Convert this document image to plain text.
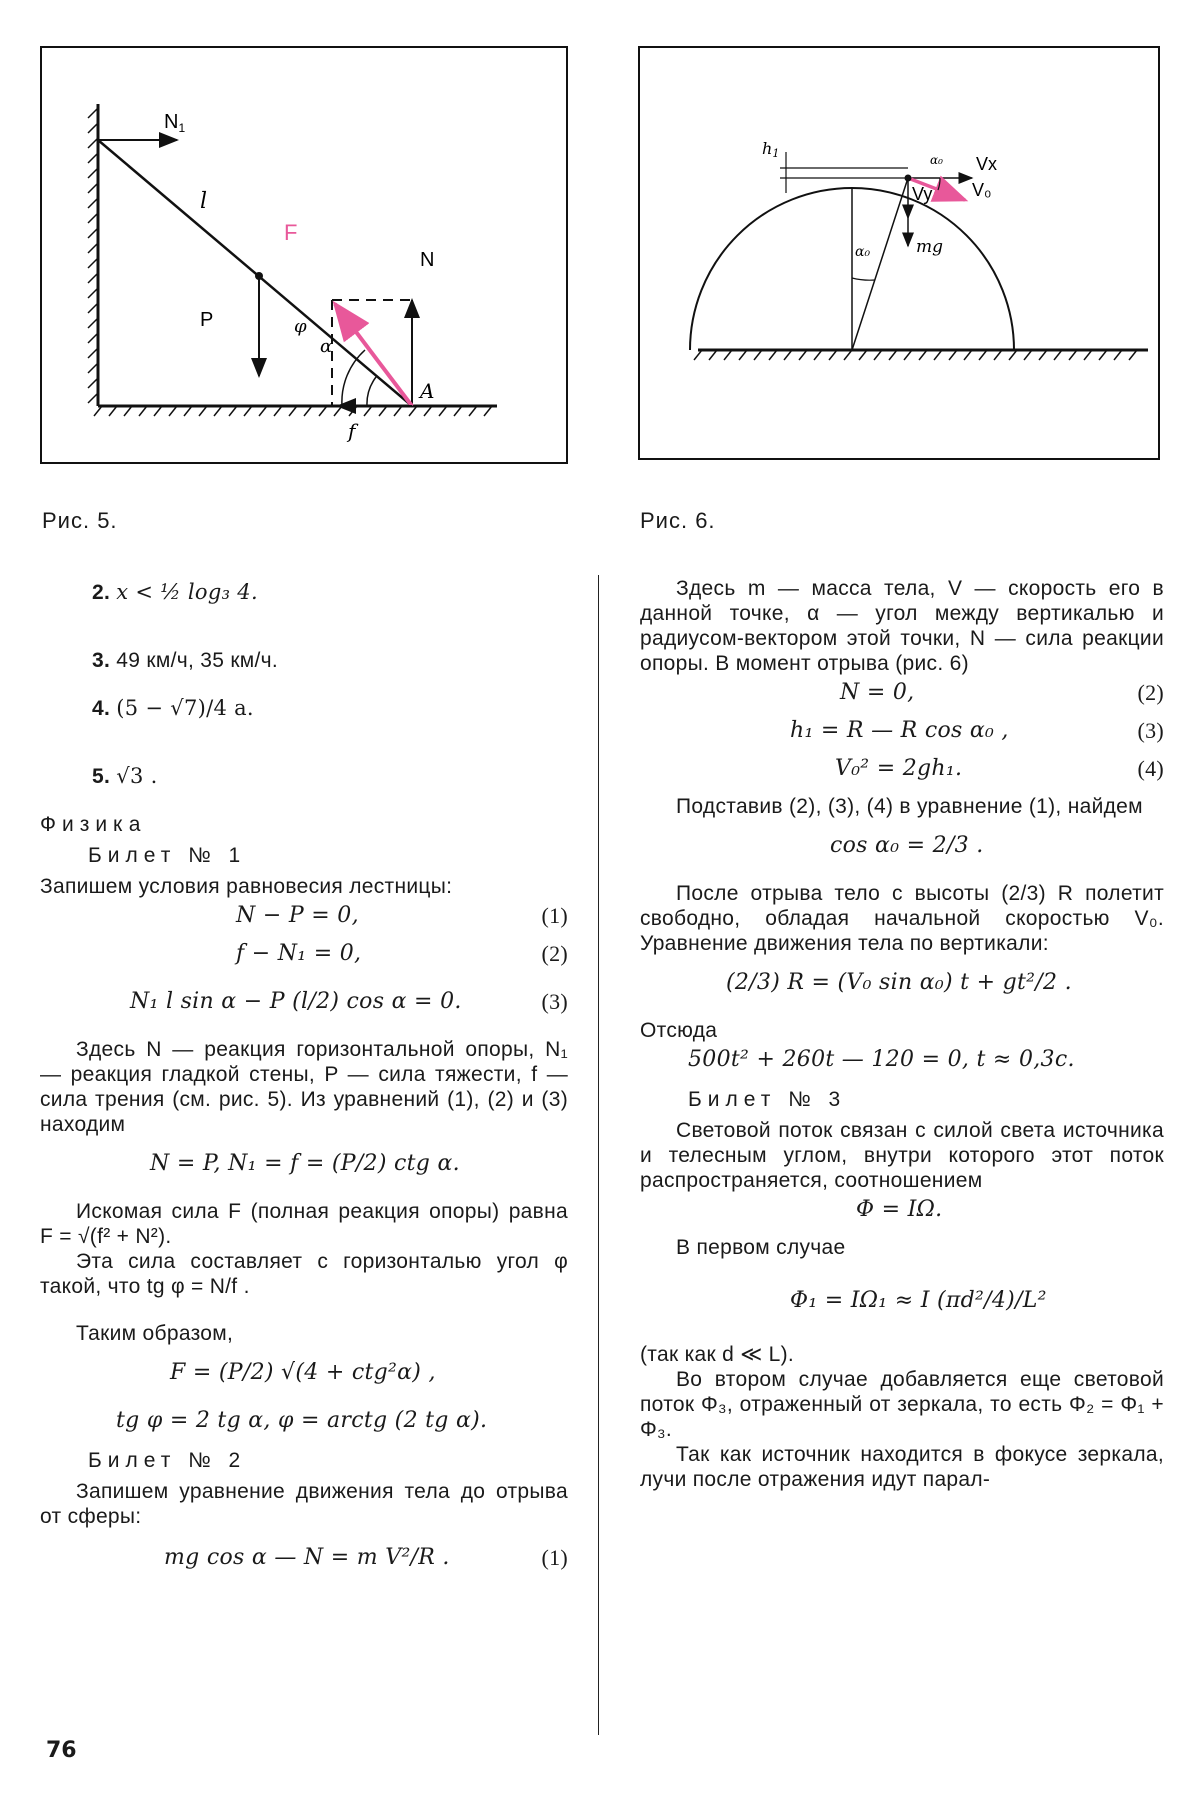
$N_1$
l
P
F
N
φ
α
A
f
Рис. 5.
h1	α₀ Vx
Vy V₀
mg
α₀
Рис. 6.
2. x < ½ log₃ 4.
3. 49 км/ч, 35 км/ч.
4. (5 − √7)/4 a.
5. √3 .
Физика
Билет № 1

Запишем условия равновесия лестницы:

N − P = 0,	(1)
f − N₁ = 0,	(2)
N₁ l sin α − P (l/2) cos α = 0.	(3)

Здесь N — реакция горизонтальной опоры, N₁ — реакция гладкой стены, P — сила тяжести, f — сила трения (см. рис. 5). Из уравнений (1), (2) и (3) находим

N = P, N₁ = f = (P/2) ctg α.

Искомая сила F (полная реакция опоры) равна F = √(f² + N²).

Эта сила составляет с горизонталью угол φ такой, что tg φ = N/f .

Таким образом,

F = (P/2) √(4 + ctg²α) ,
tg φ = 2 tg α, φ = arctg (2 tg α).
Билет № 2

Запишем уравнение движения тела до отрыва от сферы:

mg cos α — N = m V²/R .	(1)

Здесь m — масса тела, V — скорость его в данной точке, α — угол между вертикалью и радиусом-вектором этой точки, N — сила реакции опоры. В момент отрыва (рис. 6)

N = 0,	(2)
h₁ = R — R cos α₀ ,	(3)
V₀² = 2gh₁.	(4)

Подставив (2), (3), (4) в уравнение (1), найдем

cos α₀ = 2/3 .

После отрыва тело с высоты (2/3) R полетит свободно, обладая начальной скоростью V₀. Уравнение движения тела по вертикали:

(2/3) R = (V₀ sin α₀) t + gt²/2 .

Отсюда

500t² + 260t — 120 = 0, t ≈ 0,3с.
Билет № 3

Световой поток связан с силой света источника и телесным углом, внутри которого этот поток распространяется, соотношением

Φ = IΩ.

В первом случае

Φ₁ = IΩ₁ ≈ I (πd²/4)/L²

(так как d ≪ L).

Во втором случае добавляется еще световой поток Φ₃, отраженный от зеркала, то есть Φ₂ = Φ₁ + Φ₃.

Так как источник находится в фокусе зеркала, лучи после отражения идут парал-

76
